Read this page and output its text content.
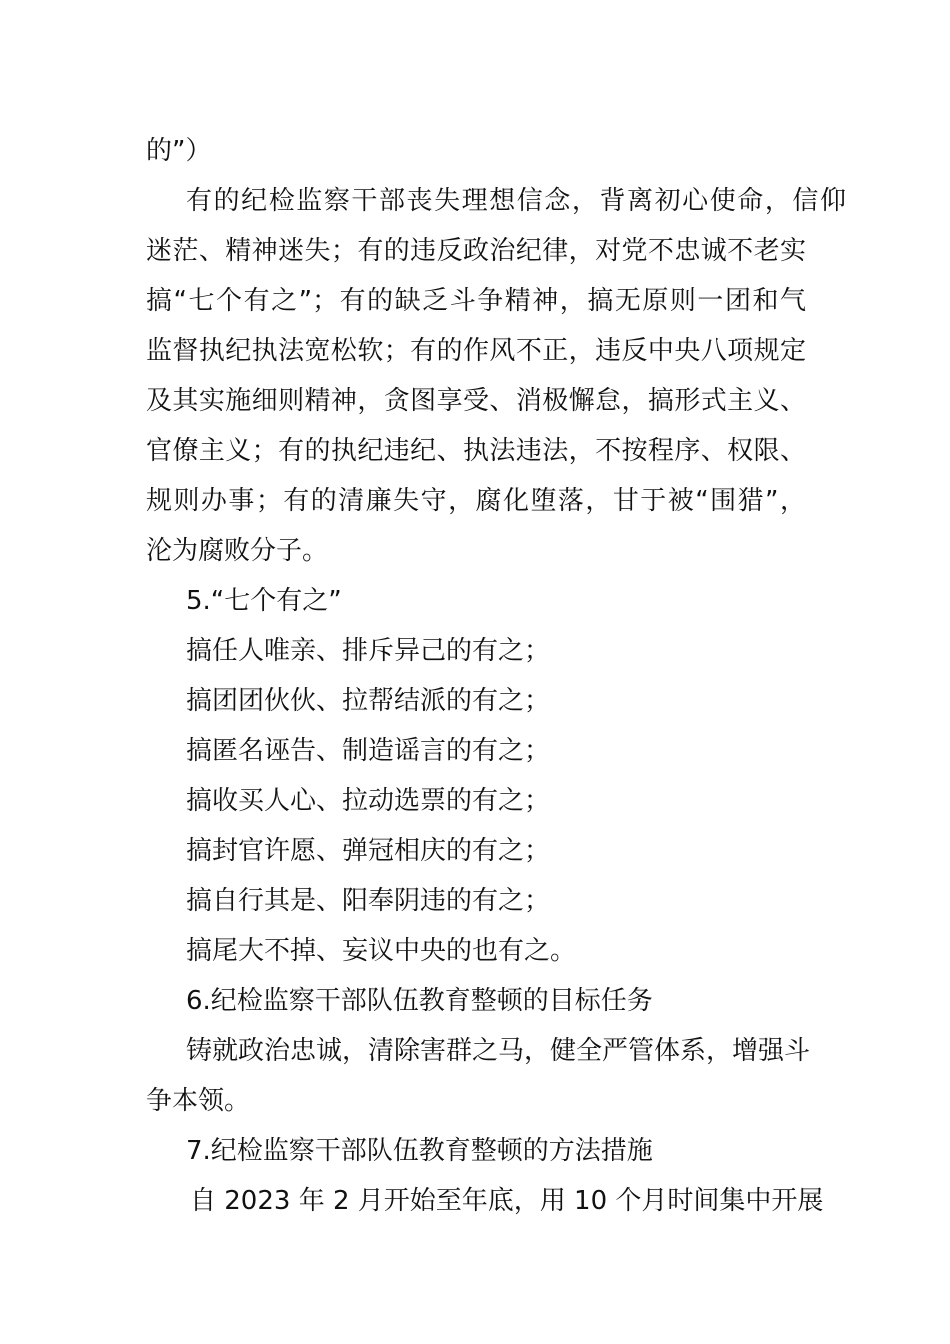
的”）
有的纪检监察干部丧失理想信念，背离初心使命，信仰
迷茫、精神迷失；有的违反政治纪律，对党不忠诚不老实
搞“七个有之”；有的缺乏斗争精神，搞无原则一团和气
监督执纪执法宽松软；有的作风不正，违反中央八项规定
及其实施细则精神，贪图享受、消极懈怠，搞形式主义、
官僚主义；有的执纪违纪、执法违法，不按程序、权限、
规则办事；有的清廉失守，腐化堕落，甘于被“围猎”，
沦为腐败分子。
5.“七个有之”
搞任人唯亲、排斥异己的有之；
搞团团伙伙、拉帮结派的有之；
搞匿名诬告、制造谣言的有之；
搞收买人心、拉动选票的有之；
搞封官许愿、弹冠相庆的有之；
搞自行其是、阳奉阴违的有之；
搞尾大不掉、妄议中央的也有之。
6.纪检监察干部队伍教育整顿的目标任务
铸就政治忠诚，清除害群之马，健全严管体系，增强斗
争本领。
7.纪检监察干部队伍教育整顿的方法措施
自 2023 年 2 月开始至年底，用 10 个月时间集中开展
